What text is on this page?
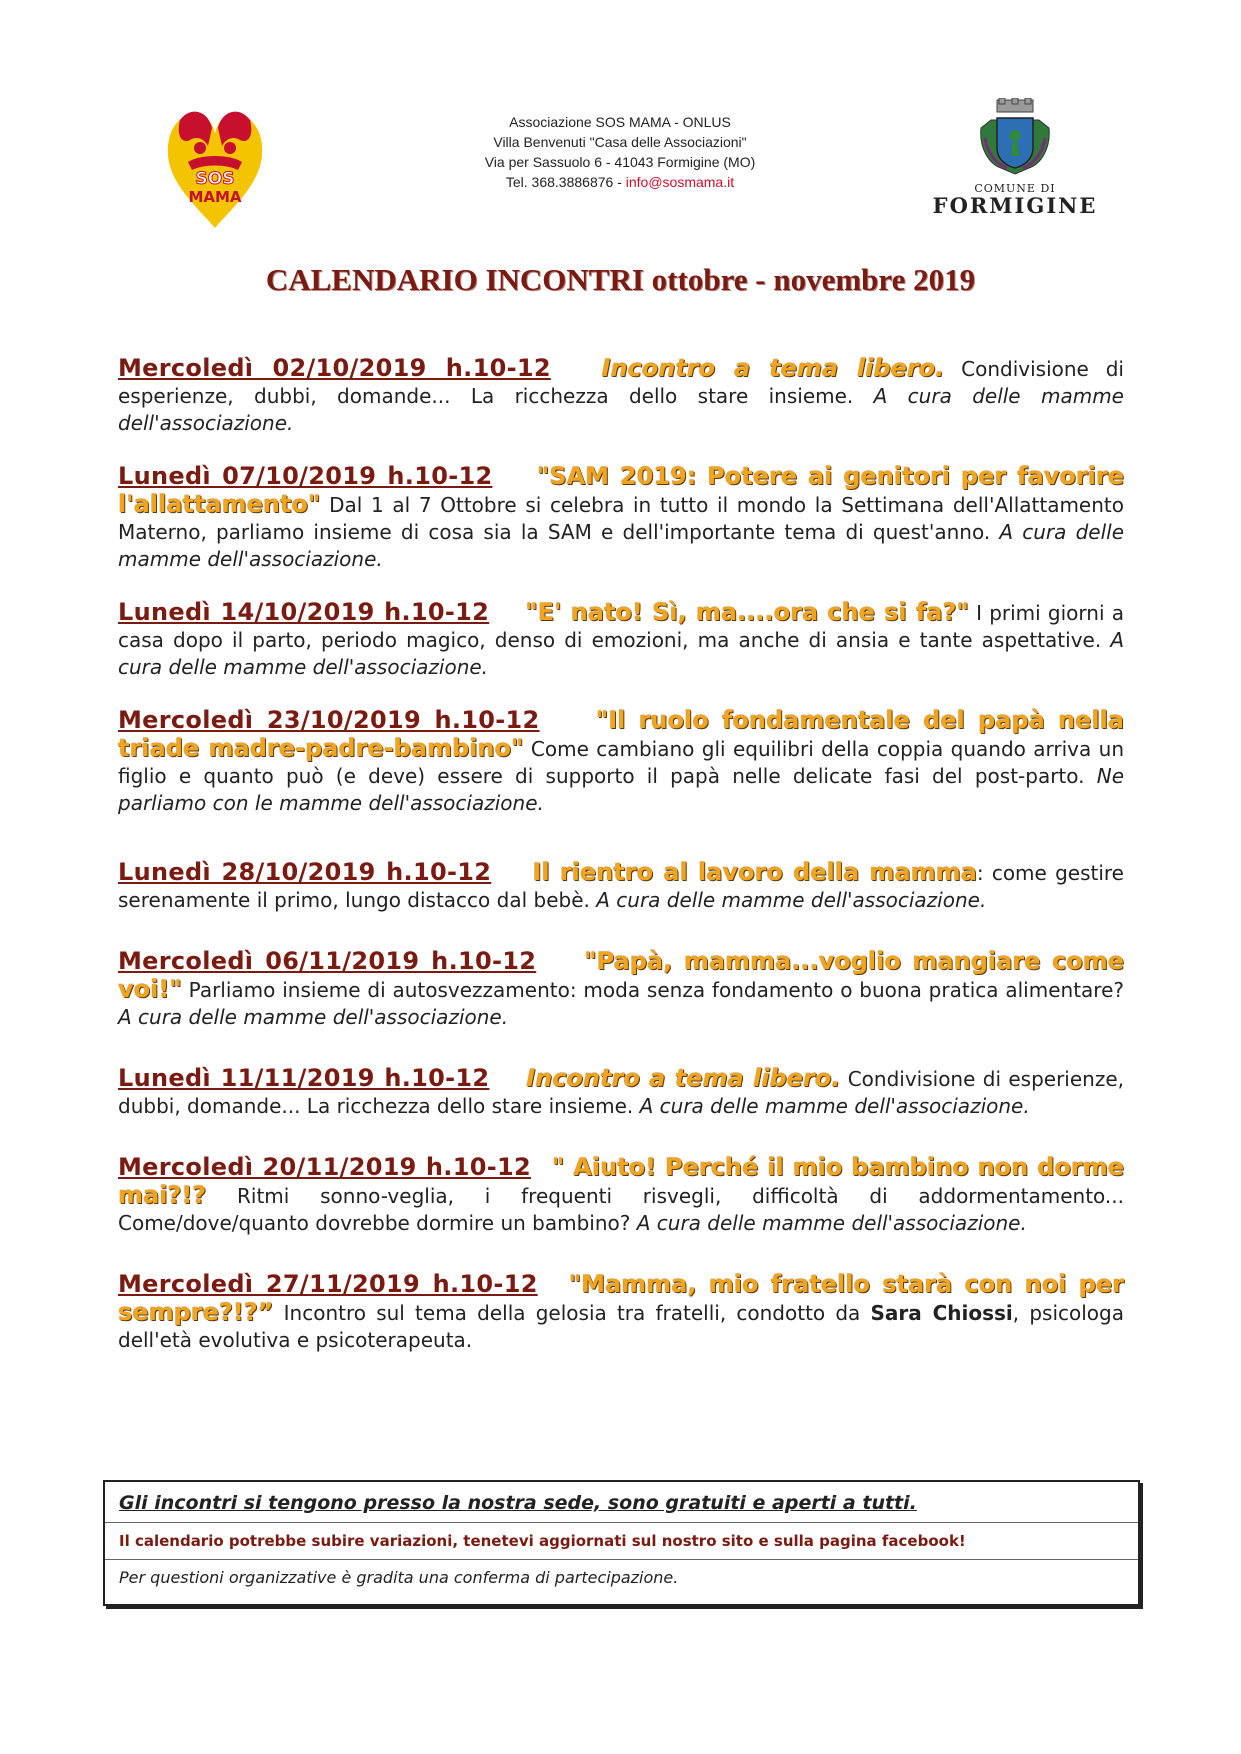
SOS
MAMA
Associazione SOS MAMA - ONLUS
Villa Benvenuti "Casa delle Associazioni"
Via per Sassuolo 6 - 41043 Formigine (MO)
Tel. 368.3886876 - info@sosmama.it	COMUNE DI
FORMIGINE
CALENDARIO INCONTRI ottobre - novembre 2019

Mercoledì 02/10/2019 h.10-12 Incontro a tema libero. Condivisione di esperienze, dubbi, domande... La ricchezza dello stare insieme. A cura delle mamme dell'associazione.

Lunedì 07/10/2019 h.10-12 "SAM 2019: Potere ai genitori per favorire l'allattamento" Dal 1 al 7 Ottobre si celebra in tutto il mondo la Settimana dell'Allattamento Materno, parliamo insieme di cosa sia la SAM e dell'importante tema di quest'anno. A cura delle mamme dell'associazione.

Lunedì 14/10/2019 h.10-12 "E' nato! Sì, ma....ora che si fa?" I primi giorni a casa dopo il parto, periodo magico, denso di emozioni, ma anche di ansia e tante aspettative. A cura delle mamme dell'associazione.

Mercoledì 23/10/2019 h.10-12 "Il ruolo fondamentale del papà nella triade madre-padre-bambino" Come cambiano gli equilibri della coppia quando arriva un figlio e quanto può (e deve) essere di supporto il papà nelle delicate fasi del post-parto. Ne parliamo con le mamme dell'associazione.

Lunedì 28/10/2019 h.10-12 Il rientro al lavoro della mamma: come gestire serenamente il primo, lungo distacco dal bebè. A cura delle mamme dell'associazione.

Mercoledì 06/11/2019 h.10-12 "Papà, mamma...voglio mangiare come voi!" Parliamo insieme di autosvezzamento: moda senza fondamento o buona pratica alimentare? A cura delle mamme dell'associazione.

Lunedì 11/11/2019 h.10-12 Incontro a tema libero. Condivisione di esperienze, dubbi, domande... La ricchezza dello stare insieme. A cura delle mamme dell'associazione.

Mercoledì 20/11/2019 h.10-12 " Aiuto! Perché il mio bambino non dorme mai?!? Ritmi sonno-veglia, i frequenti risvegli, difficoltà di addormentamento... Come/dove/quanto dovrebbe dormire un bambino? A cura delle mamme dell'associazione.

Mercoledì 27/11/2019 h.10-12 "Mamma, mio fratello starà con noi per sempre?!?” Incontro sul tema della gelosia tra fratelli, condotto da Sara Chiossi, psicologa dell'età evolutiva e psicoterapeuta.

Gli incontri si tengono presso la nostra sede, sono gratuiti e aperti a tutti.
Il calendario potrebbe subire variazioni, tenetevi aggiornati sul nostro sito e sulla pagina facebook!
Per questioni organizzative è gradita una conferma di partecipazione.
